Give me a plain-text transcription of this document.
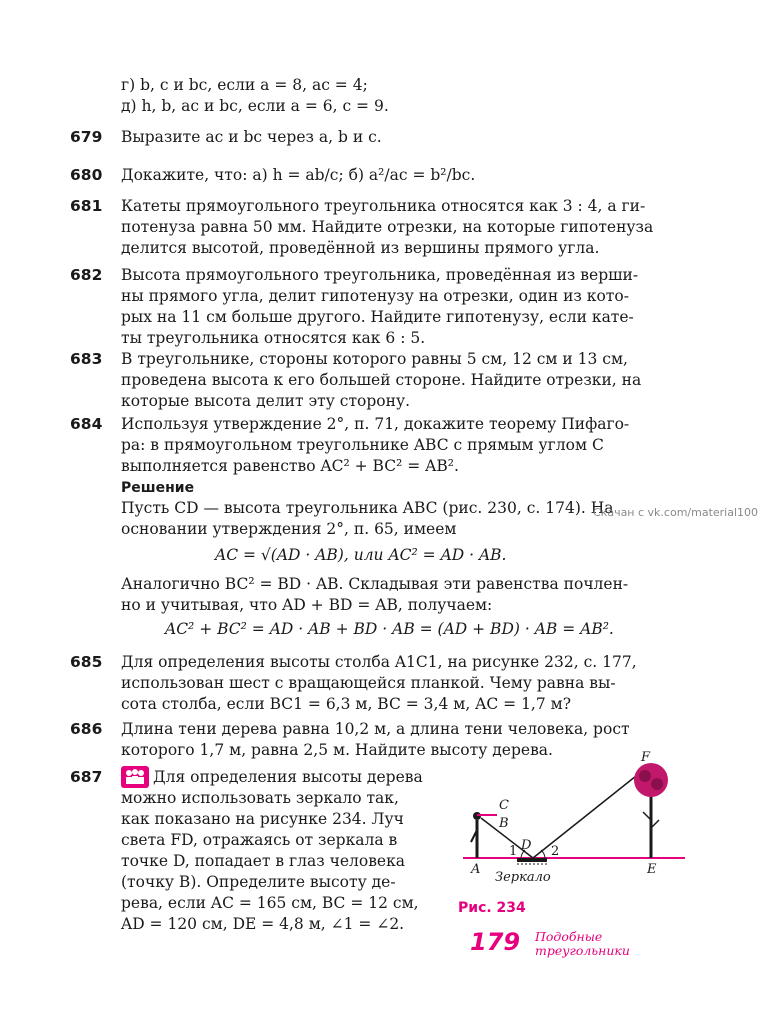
г) b, c и bc, если a = 8, ac = 4;
д) h, b, ac и bc, если a = 6, c = 9.
679 Выразите ac и bc через a, b и c.
680 Докажите, что: а) h = ab/c; б) a²/ac = b²/bc.
681 Катеты прямоугольного треугольника относятся как 3 : 4, а ги-
потенуза равна 50 мм. Найдите отрезки, на которые гипотенуза
делится высотой, проведённой из вершины прямого угла.
682 Высота прямоугольного треугольника, проведённая из верши-
ны прямого угла, делит гипотенузу на отрезки, один из кото-
рых на 11 см больше другого. Найдите гипотенузу, если кате-
ты треугольника относятся как 6 : 5.
683 В треугольнике, стороны которого равны 5 см, 12 см и 13 см,
проведена высота к его большей стороне. Найдите отрезки, на
которые высота делит эту сторону.
684 Используя утверждение 2°, п. 71, докажите теорему Пифаго-
ра: в прямоугольном треугольнике ABC с прямым углом C
выполняется равенство AC² + BC² = AB².
Решение
Пусть CD — высота треугольника ABC (рис. 230, с. 174). На
основании утверждения 2°, п. 65, имеем
AC = √(AD · AB), или AC² = AD · AB.
Аналогично BC² = BD · AB. Складывая эти равенства почлен-
но и учитывая, что AD + BD = AB, получаем:
AC² + BC² = AD · AB + BD · AB = (AD + BD) · AB = AB².
Скачан с vk.com/material100
685 Для определения высоты столба A1C1, на рисунке 232, с. 177,
использован шест с вращающейся планкой. Чему равна вы-
сота столба, если BC1 = 6,3 м, BC = 3,4 м, AC = 1,7 м?
686 Длина тени дерева равна 10,2 м, а длина тени человека, рост
которого 1,7 м, равна 2,5 м. Найдите высоту дерева.
687	Для определения высоты дерева
можно использовать зеркало так,
как показано на рисунке 234. Луч
света FD, отражаясь от зеркала в
точке D, попадает в глаз человека
(точку B). Определите высоту де-
рева, если AC = 165 см, BC = 12 см,
AD = 120 см, DE = 4,8 м, ∠1 = ∠2.
C
B
A
D
E
F
1	2
Зеркало
Рис. 234
179 Подобные
треугольники
